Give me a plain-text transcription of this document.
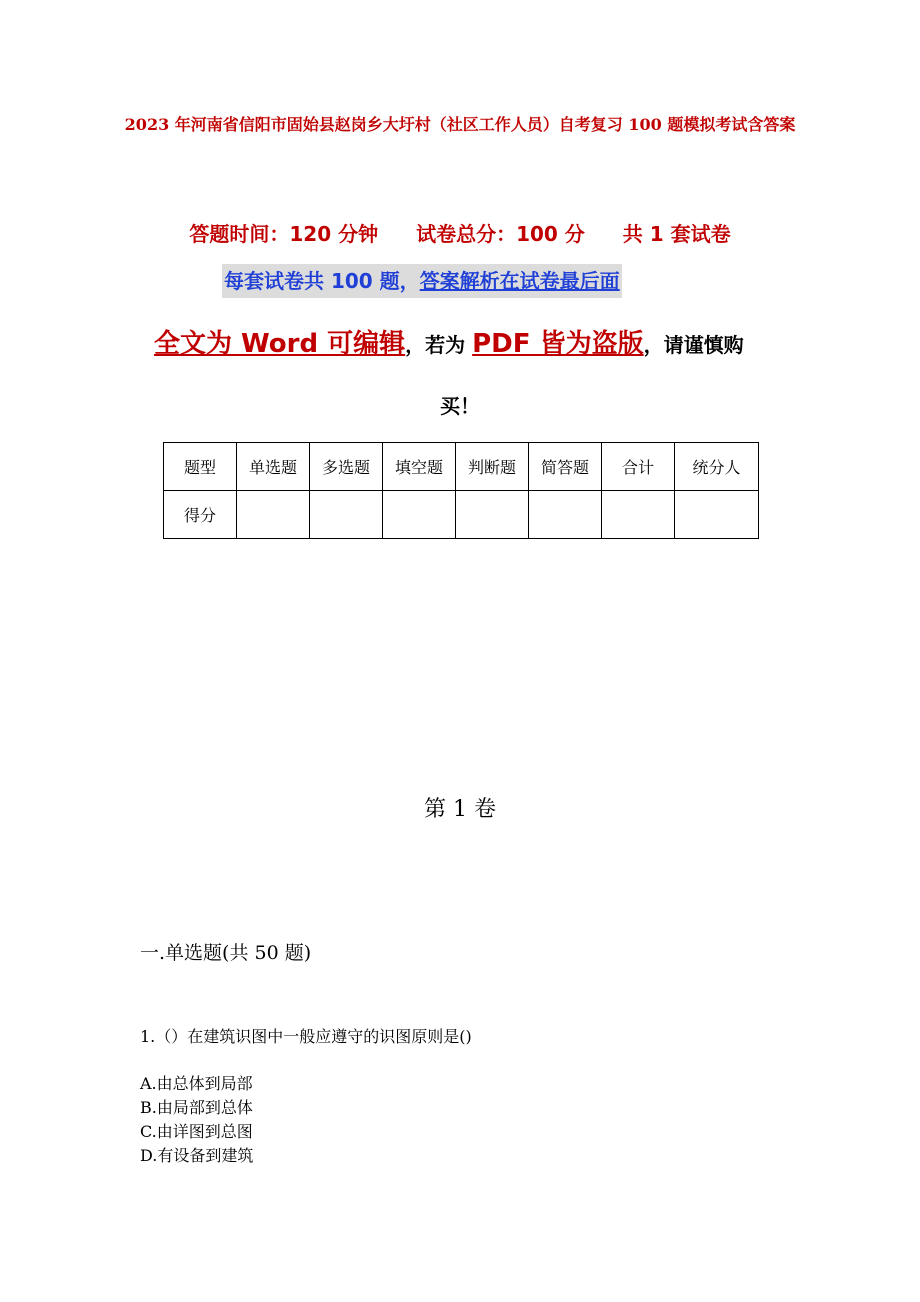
2023 年河南省信阳市固始县赵岗乡大圩村（社区工作人员）自考复习 100 题模拟考试含答案
答题时间：120 分钟 试卷总分：100 分 共 1 套试卷
每套试卷共 100 题，答案解析在试卷最后面
全文为 Word 可编辑，若为 PDF 皆为盗版，请谨慎购
买！
题型	单选题	多选题	填空题	判断题	简答题	合计	统分人
得分							
第 1 卷
一.单选题(共 50 题)
1.（）在建筑识图中一般应遵守的识图原则是()
A.由总体到局部
B.由局部到总体
C.由详图到总图
D.有设备到建筑
